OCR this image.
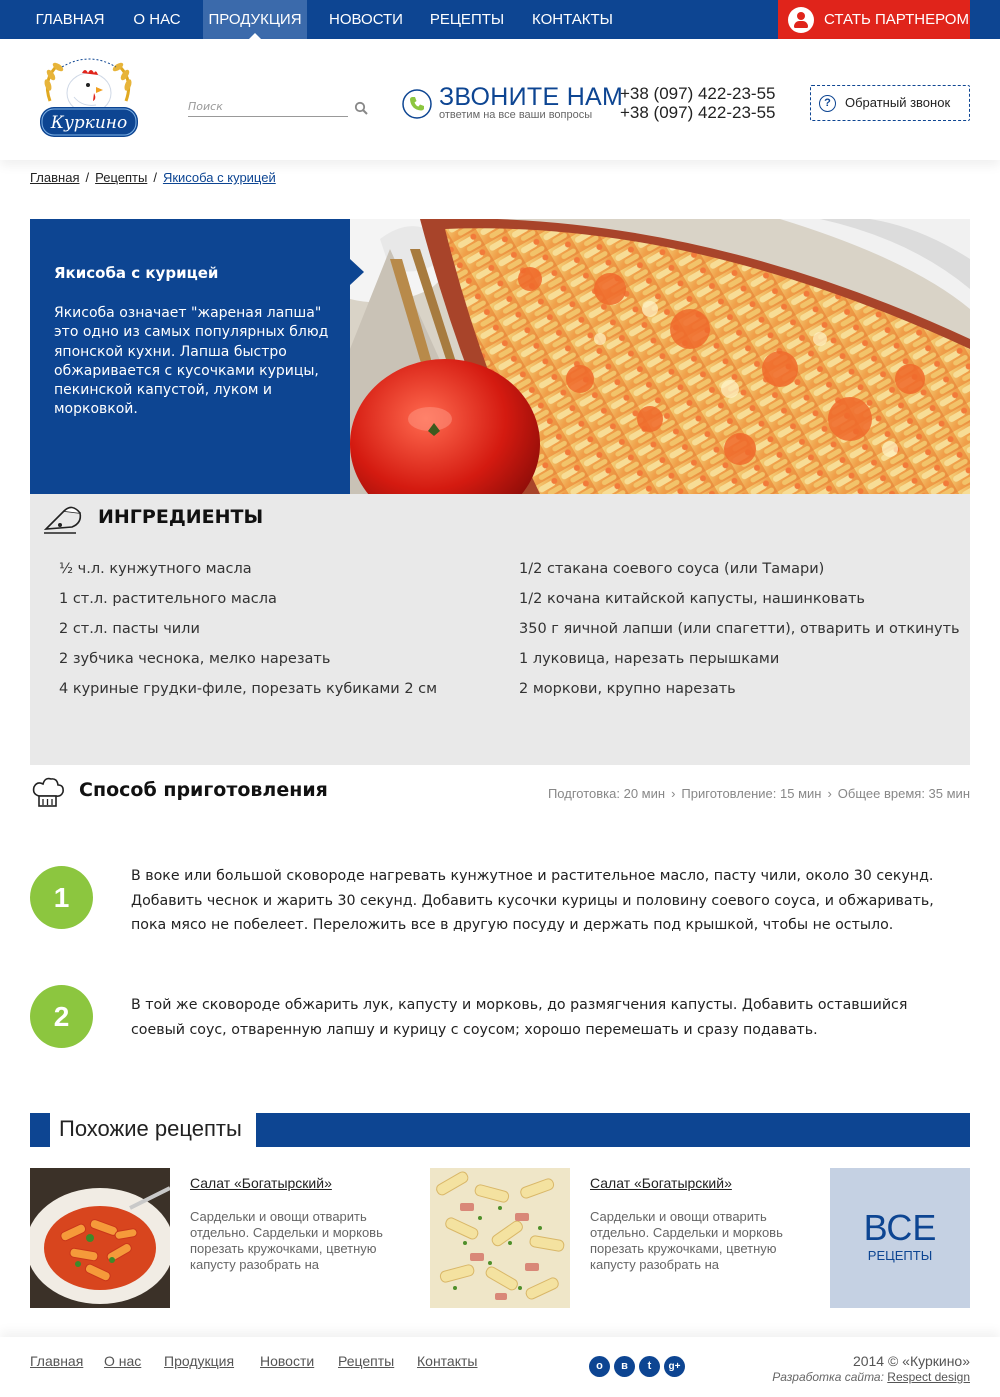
ГЛАВНАЯ	О НАС	ПРОДУКЦИЯ	НОВОСТИ	РЕЦЕПТЫ	КОНТАКТЫ	СТАТЬ ПАРТНЕРОМ
Куркино
Поиск
ЗВОНИТЕ НАМ
ответим на все ваши вопросы
+38 (097) 422-23-55
+38 (097) 422-23-55	?	Обратный звонок
Главная / Рецепты / Якисоба с курицей
Якисоба с курицей
Якисоба означает "жареная лапша" это одно из самых популярных блюд японской кухни. Лапша быстро обжаривается с кусочками курицы, пекинской капустой, луком и морковкой.
ИНГРЕДИЕНТЫ
½ ч.л. кунжутного масла
1 ст.л. растительного масла
2 ст.л. пасты чили
2 зубчика чеснока, мелко нарезать
4 куриные грудки-филе, порезать кубиками 2 см
1/2 стакана соевого соуса (или Тамари)
1/2 кочана китайской капусты, нашинковать
350 г яичной лапши (или спагетти), отварить и откинуть
1 луковица, нарезать перышками
2 моркови, крупно нарезать
Способ приготовления	Подготовка: 20 мин › Приготовление: 15 мин › Общее время: 35 мин
1
В воке или большой сковороде нагревать кунжутное и растительное масло, пасту чили, около 30 секунд. Добавить чеснок и жарить 30 секунд. Добавить кусочки курицы и половину соевого соуса, и обжаривать, пока мясо не побелеет. Переложить все в другую посуду и держать под крышкой, чтобы не остыло.
2	В той же сковороде обжарить лук, капусту и морковь, до размягчения капусты. Добавить оставшийся соевый соус, отваренную лапшу и курицу с соусом; хорошо перемешать и сразу подавать.
Похожие рецепты
Салат «Богатырский»
Сардельки и овощи отварить отдельно. Сардельки и морковь порезать кружочками, цветную капусту разобрать на
Салат «Богатырский»
Сардельки и овощи отварить отдельно. Сардельки и морковь порезать кружочками, цветную капусту разобрать на
ВСЕ
РЕЦЕПТЫ
Главная О нас Продукция Новости Рецепты Контакты	о	в	t	g+	2014 © «Куркино»
Разработка сайта: Respect design
